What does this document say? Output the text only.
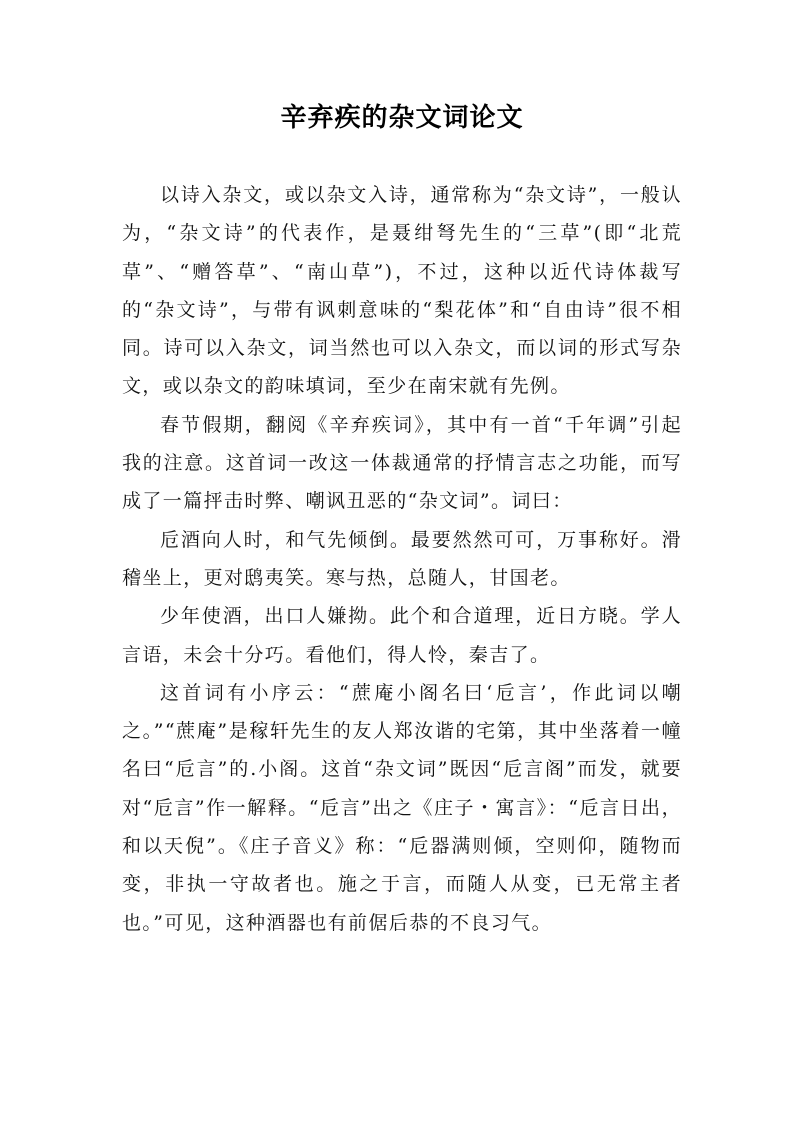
辛弃疾的杂文词论文

以诗入杂文，或以杂文入诗，通常称为“杂文诗”，一般认为，“杂文诗”的代表作，是聂绀弩先生的“三草”(即“北荒草”、“赠答草”、“南山草”)，不过，这种以近代诗体裁写的“杂文诗”，与带有讽刺意味的“梨花体”和“自由诗”很不相同。诗可以入杂文，词当然也可以入杂文，而以词的形式写杂文，或以杂文的韵味填词，至少在南宋就有先例。

春节假期，翻阅《辛弃疾词》，其中有一首“千年调”引起我的注意。这首词一改这一体裁通常的抒情言志之功能，而写成了一篇抨击时弊、嘲讽丑恶的“杂文词”。词曰：

卮酒向人时，和气先倾倒。最要然然可可，万事称好。滑稽坐上，更对鸱夷笑。寒与热，总随人，甘国老。

少年使酒，出口人嫌拗。此个和合道理，近日方晓。学人言语，未会十分巧。看他们，得人怜，秦吉了。

这首词有小序云：“蔗庵小阁名曰‘卮言’，作此词以嘲之。”“蔗庵”是稼轩先生的友人郑汝谐的宅第，其中坐落着一幢名曰“卮言”的.小阁。这首“杂文词”既因“卮言阁”而发，就要对“卮言”作一解释。“卮言”出之《庄子・寓言》：“卮言日出，和以天倪”。《庄子音义》称：“卮器满则倾，空则仰，随物而变，非执一守故者也。施之于言，而随人从变，已无常主者也。”可见，这种酒器也有前倨后恭的不良习气。
